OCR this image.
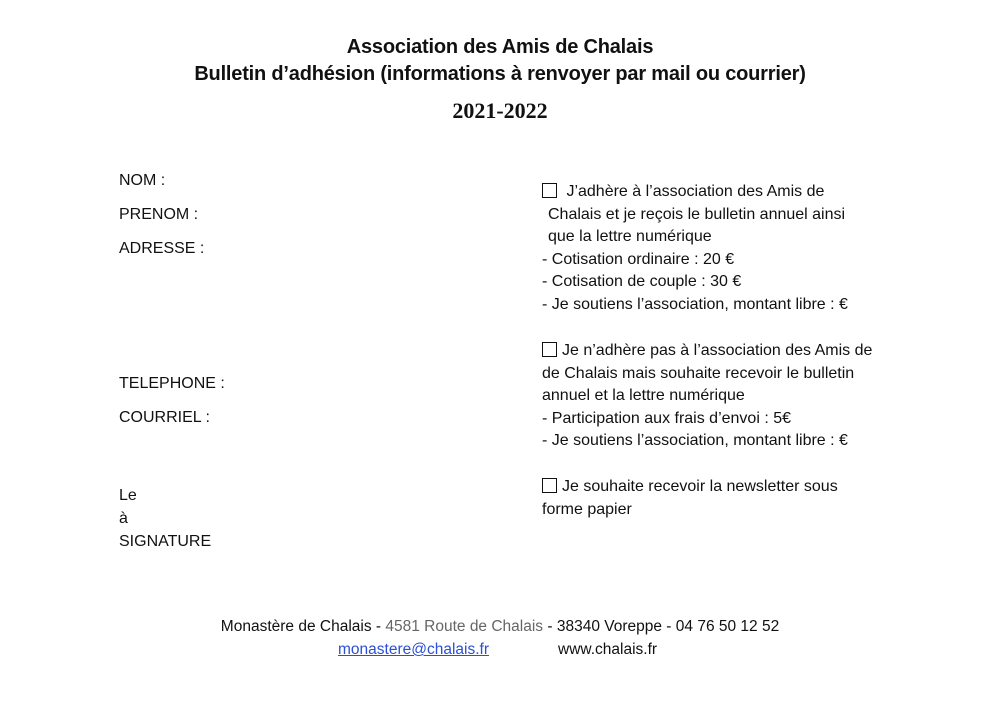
Association des Amis de Chalais
Bulletin d’adhésion (informations à renvoyer par mail ou courrier)
2021-2022
NOM :
PRENOM :
ADRESSE :
TELEPHONE :
COURRIEL :
Le
à
SIGNATURE
J’adhère à l’association des Amis de
Chalais et je reçois le bulletin annuel ainsi
que la lettre numérique
- Cotisation ordinaire : 20 €
- Cotisation de couple : 30 €
- Je soutiens l’association, montant libre : €
Je n’adhère pas à l’association des Amis de
de Chalais mais souhaite recevoir le bulletin
annuel et la lettre numérique
- Participation aux frais d’envoi : 5€
- Je soutiens l’association, montant libre : €
Je souhaite recevoir la newsletter sous
forme papier
Monastère de Chalais - 4581 Route de Chalais - 38340 Voreppe - 04 76 50 12 52
monastere@chalais.fr	www.chalais.fr
